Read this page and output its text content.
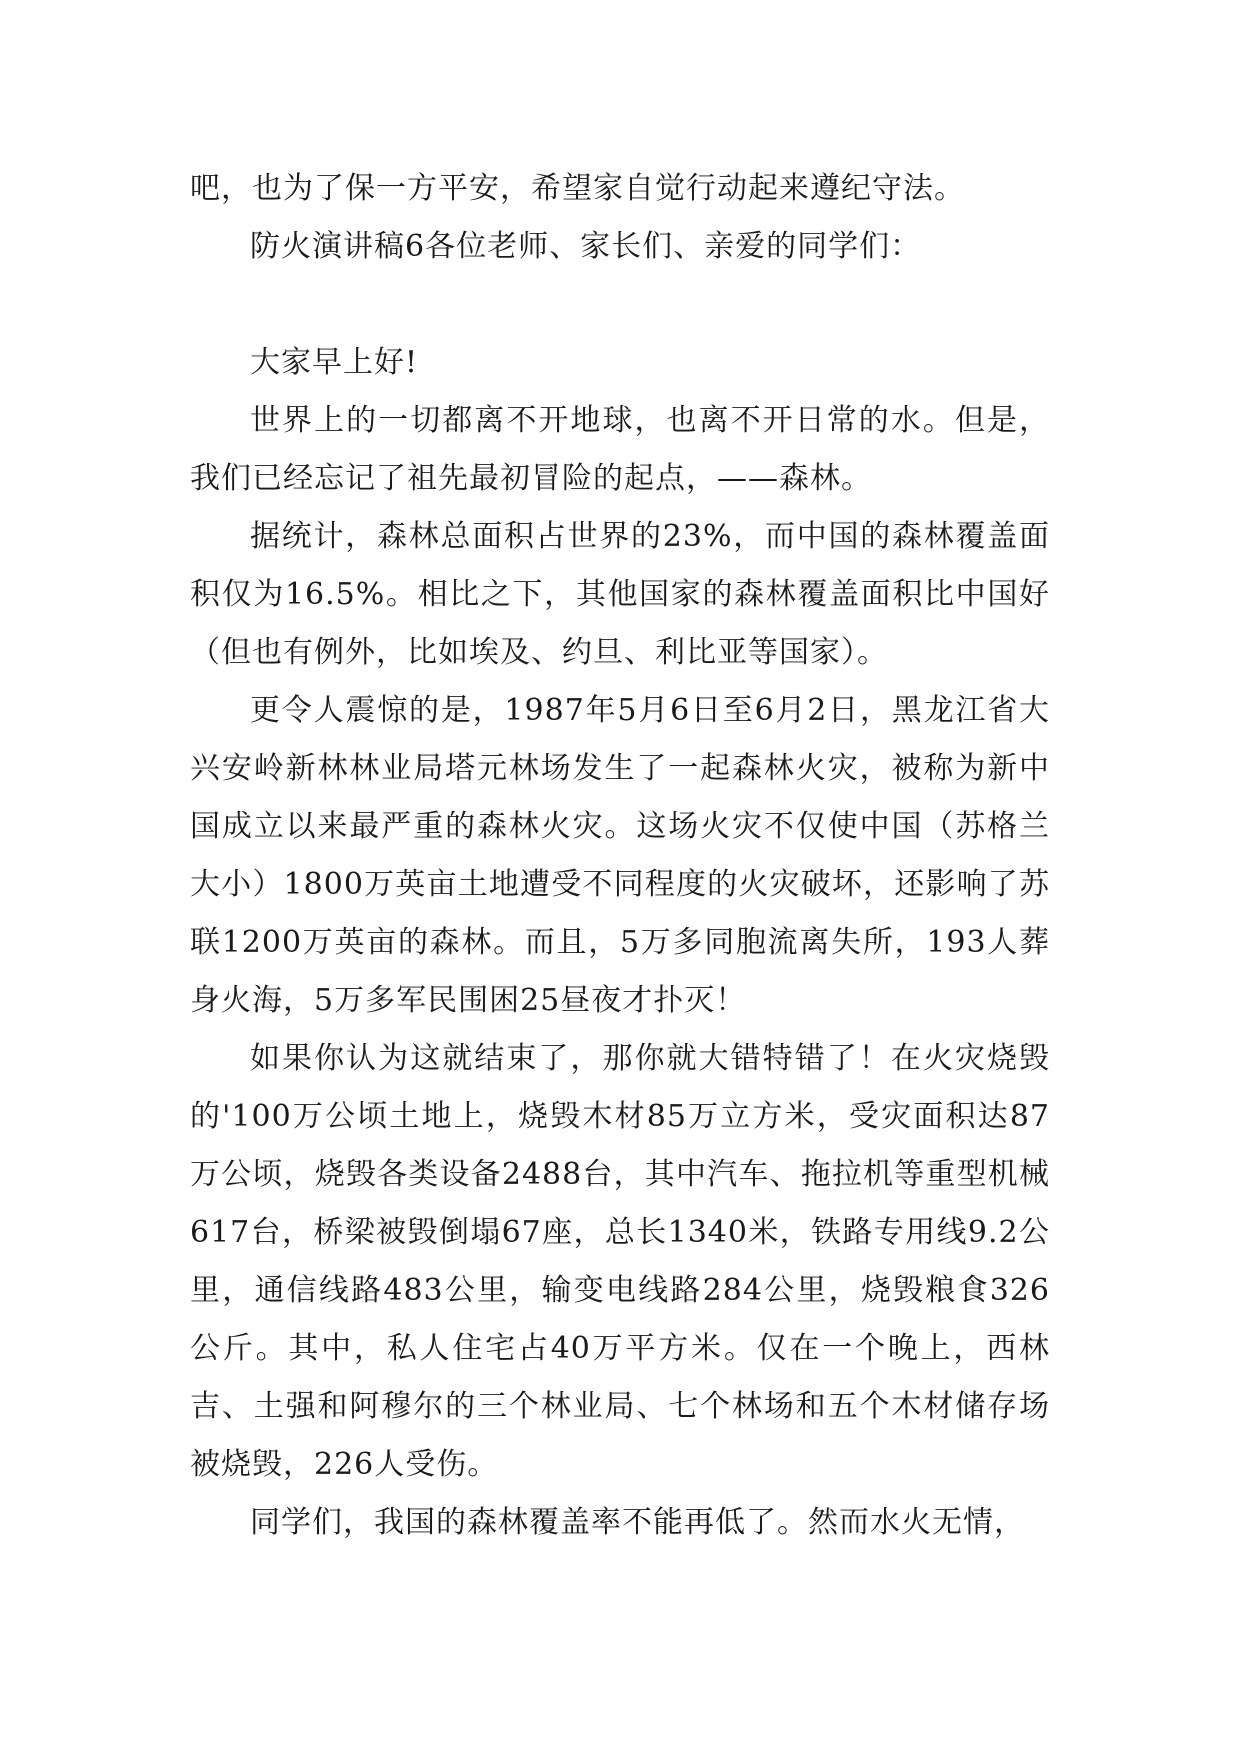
吧，也为了保一方平安，希望家自觉行动起来遵纪守法。

防火演讲稿6各位老师、家长们、亲爱的同学们：

大家早上好!

世界上的一切都离不开地球，也离不开日常的水。但是，我们已经忘记了祖先最初冒险的起点，——森林。

据统计，森林总面积占世界的23%，而中国的森林覆盖面积仅为16.5%。相比之下，其他国家的森林覆盖面积比中国好（但也有例外，比如埃及、约旦、利比亚等国家）。

更令人震惊的是，1987年5月6日至6月2日，黑龙江省大兴安岭新林林业局塔元林场发生了一起森林火灾，被称为新中国成立以来最严重的森林火灾。这场火灾不仅使中国（苏格兰大小）1800万英亩土地遭受不同程度的火灾破坏，还影响了苏联1200万英亩的森林。而且，5万多同胞流离失所，193人葬身火海，5万多军民围困25昼夜才扑灭！

如果你认为这就结束了，那你就大错特错了！在火灾烧毁的'100万公顷土地上，烧毁木材85万立方米，受灾面积达87万公顷，烧毁各类设备2488台，其中汽车、拖拉机等重型机械617台，桥梁被毁倒塌67座，总长1340米，铁路专用线9.2公里，通信线路483公里，输变电线路284公里，烧毁粮食326公斤。其中，私人住宅占40万平方米。仅在一个晚上，西林吉、土强和阿穆尔的三个林业局、七个林场和五个木材储存场被烧毁，226人受伤。

同学们，我国的森林覆盖率不能再低了。然而水火无情，
